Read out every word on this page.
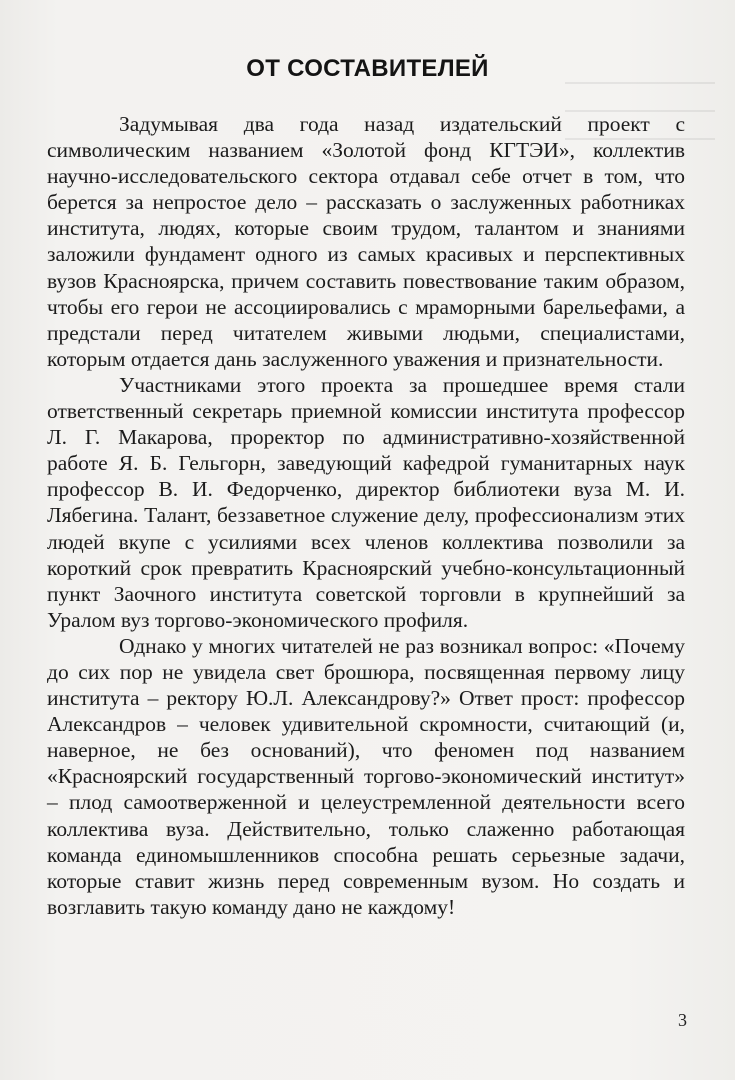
ОТ СОСТАВИТЕЛЕЙ

Задумывая два года назад издательский проект с символическим названием «Золотой фонд КГТЭИ», коллектив научно-исследовательского сектора отдавал себе отчет в том, что берется за непростое дело – рассказать о заслуженных работниках института, людях, которые своим трудом, талантом и знаниями заложили фундамент одного из самых красивых и перспективных вузов Красноярска, причем составить повествование таким образом, чтобы его герои не ассоциировались с мраморными барельефами, а предстали перед читателем живыми людьми, специалистами, которым отдается дань заслуженного уважения и признательности.

Участниками этого проекта за прошедшее время стали ответственный секретарь приемной комиссии института профессор Л. Г. Макарова, проректор по административно-хозяйственной работе Я. Б. Гельгорн, заведующий кафедрой гуманитарных наук профессор В. И. Федорченко, директор библиотеки вуза М. И. Лябегина. Талант, беззаветное служение делу, профессионализм этих людей вкупе с усилиями всех членов коллектива позволили за короткий срок превратить Красноярский учебно-консультационный пункт Заочного института советской торговли в крупнейший за Уралом вуз торгово-экономического профиля.

Однако у многих читателей не раз возникал вопрос: «Почему до сих пор не увидела свет брошюра, посвященная первому лицу института – ректору Ю.Л. Александрову?» Ответ прост: профессор Александров – человек удивительной скромности, считающий (и, наверное, не без оснований), что феномен под названием «Красноярский государственный торгово-экономический институт» – плод самоотверженной и целеустремленной деятельности всего коллектива вуза. Действительно, только слаженно работающая команда единомышленников способна решать серьезные задачи, которые ставит жизнь перед современным вузом. Но создать и возглавить такую команду дано не каждому!

3
